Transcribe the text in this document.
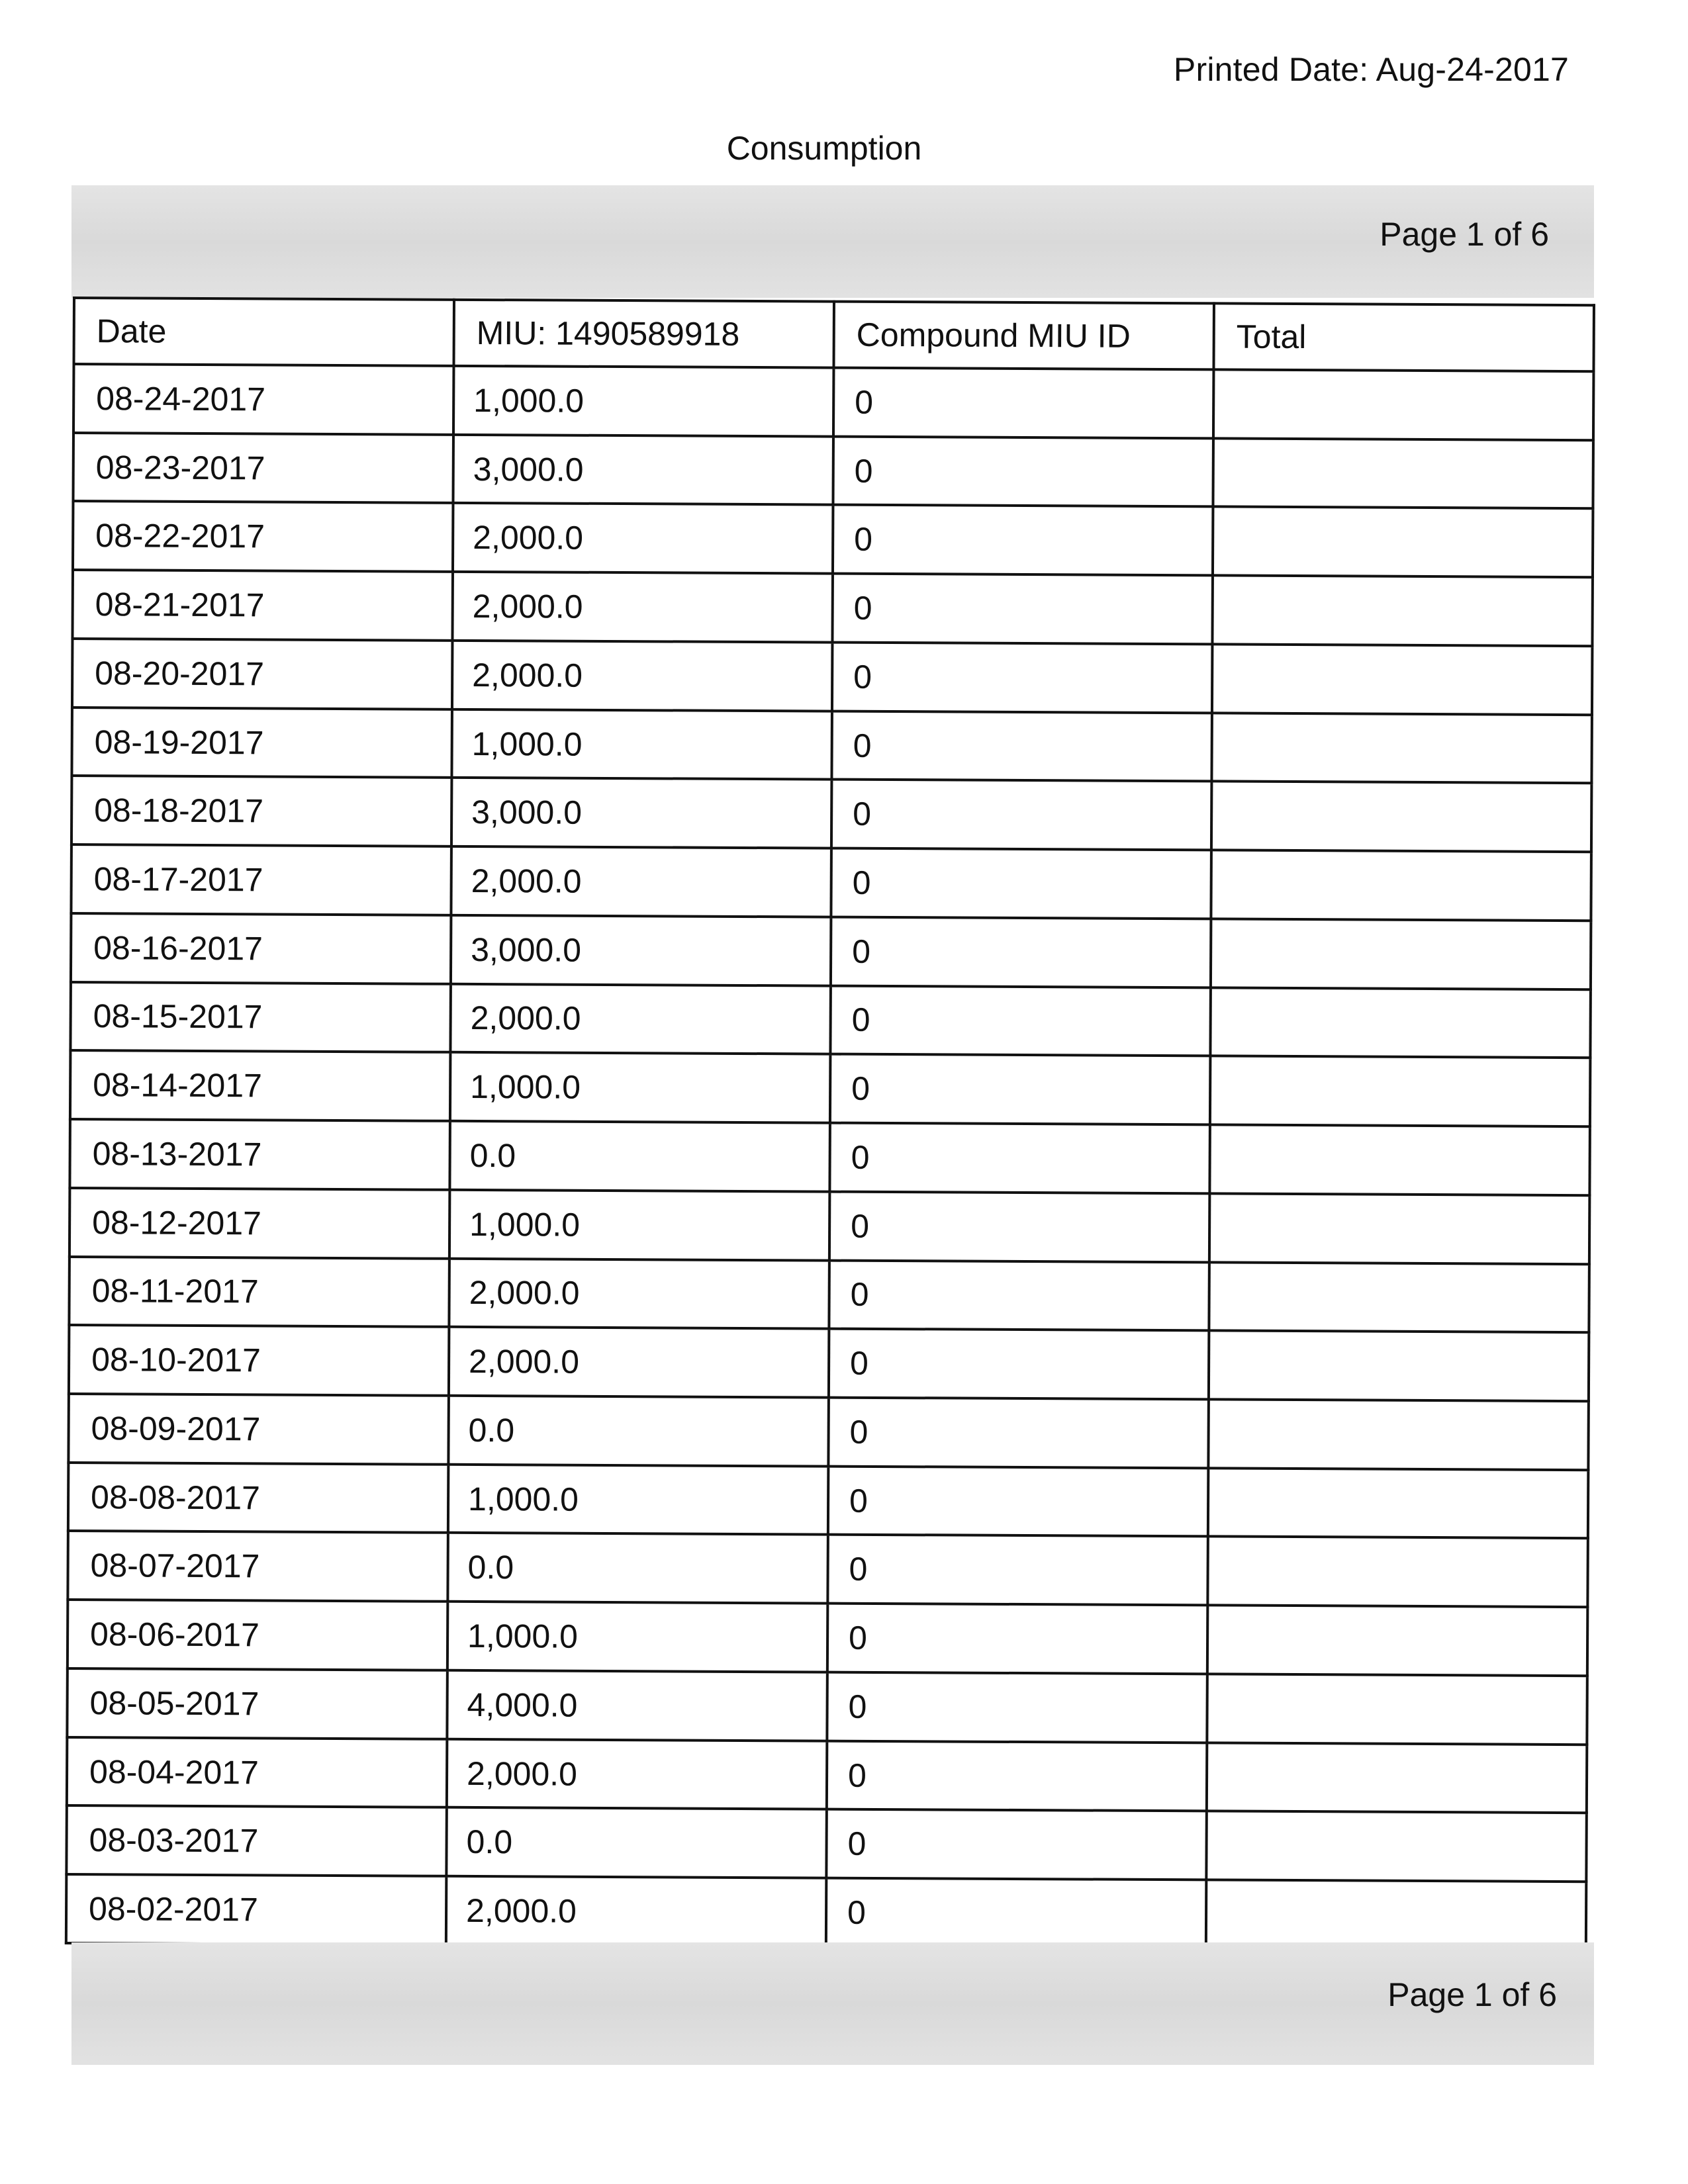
Printed Date: Aug-24-2017
Consumption
Page 1 of 6
Date	MIU: 1490589918	Compound MIU ID	Total
08-24-2017	1,000.0	0	
08-23-2017	3,000.0	0	
08-22-2017	2,000.0	0	
08-21-2017	2,000.0	0	
08-20-2017	2,000.0	0	
08-19-2017	1,000.0	0	
08-18-2017	3,000.0	0	
08-17-2017	2,000.0	0	
08-16-2017	3,000.0	0	
08-15-2017	2,000.0	0	
08-14-2017	1,000.0	0	
08-13-2017	0.0	0	
08-12-2017	1,000.0	0	
08-11-2017	2,000.0	0	
08-10-2017	2,000.0	0	
08-09-2017	0.0	0	
08-08-2017	1,000.0	0	
08-07-2017	0.0	0	
08-06-2017	1,000.0	0	
08-05-2017	4,000.0	0	
08-04-2017	2,000.0	0	
08-03-2017	0.0	0	
08-02-2017	2,000.0	0	
Page 1 of 6
